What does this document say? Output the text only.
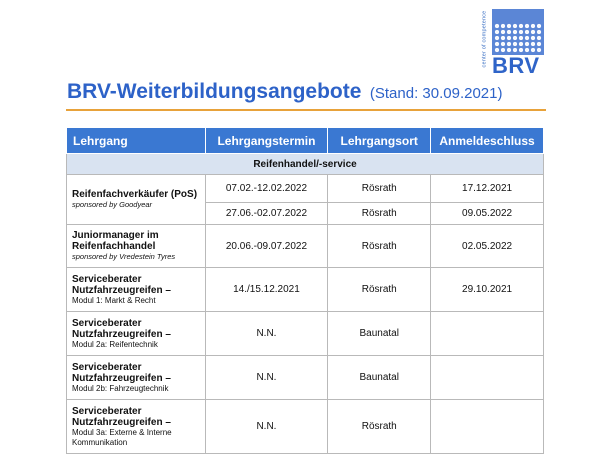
center of competence BRV
BRV-Weiterbildungsangebote (Stand: 30.09.2021)
Lehrgang	Lehrgangstermin	Lehrgangsort	Anmeldeschluss
Reifenhandel/-service			

Reifenfachverkäufer (PoS)
sponsored by Goodyear	07.02.-12.02.2022	Rösrath	17.12.2021
	27.06.-02.07.2022	Rösrath	09.05.2022

Juniormanager im Reifenfachhandel
sponsored by Vredestein Tyres	20.06.-09.07.2022	Rösrath	02.05.2022

Serviceberater Nutzfahrzeugreifen –
Modul 1: Markt & Recht	14./15.12.2021	Rösrath	29.10.2021

Serviceberater Nutzfahrzeugreifen –
Modul 2a: Reifentechnik	N.N.	Baunatal	

Serviceberater Nutzfahrzeugreifen –
Modul 2b: Fahrzeugtechnik	N.N.	Baunatal	

Serviceberater Nutzfahrzeugreifen –
Modul 3a: Externe & Interne Kommunikation	N.N.	Rösrath	
